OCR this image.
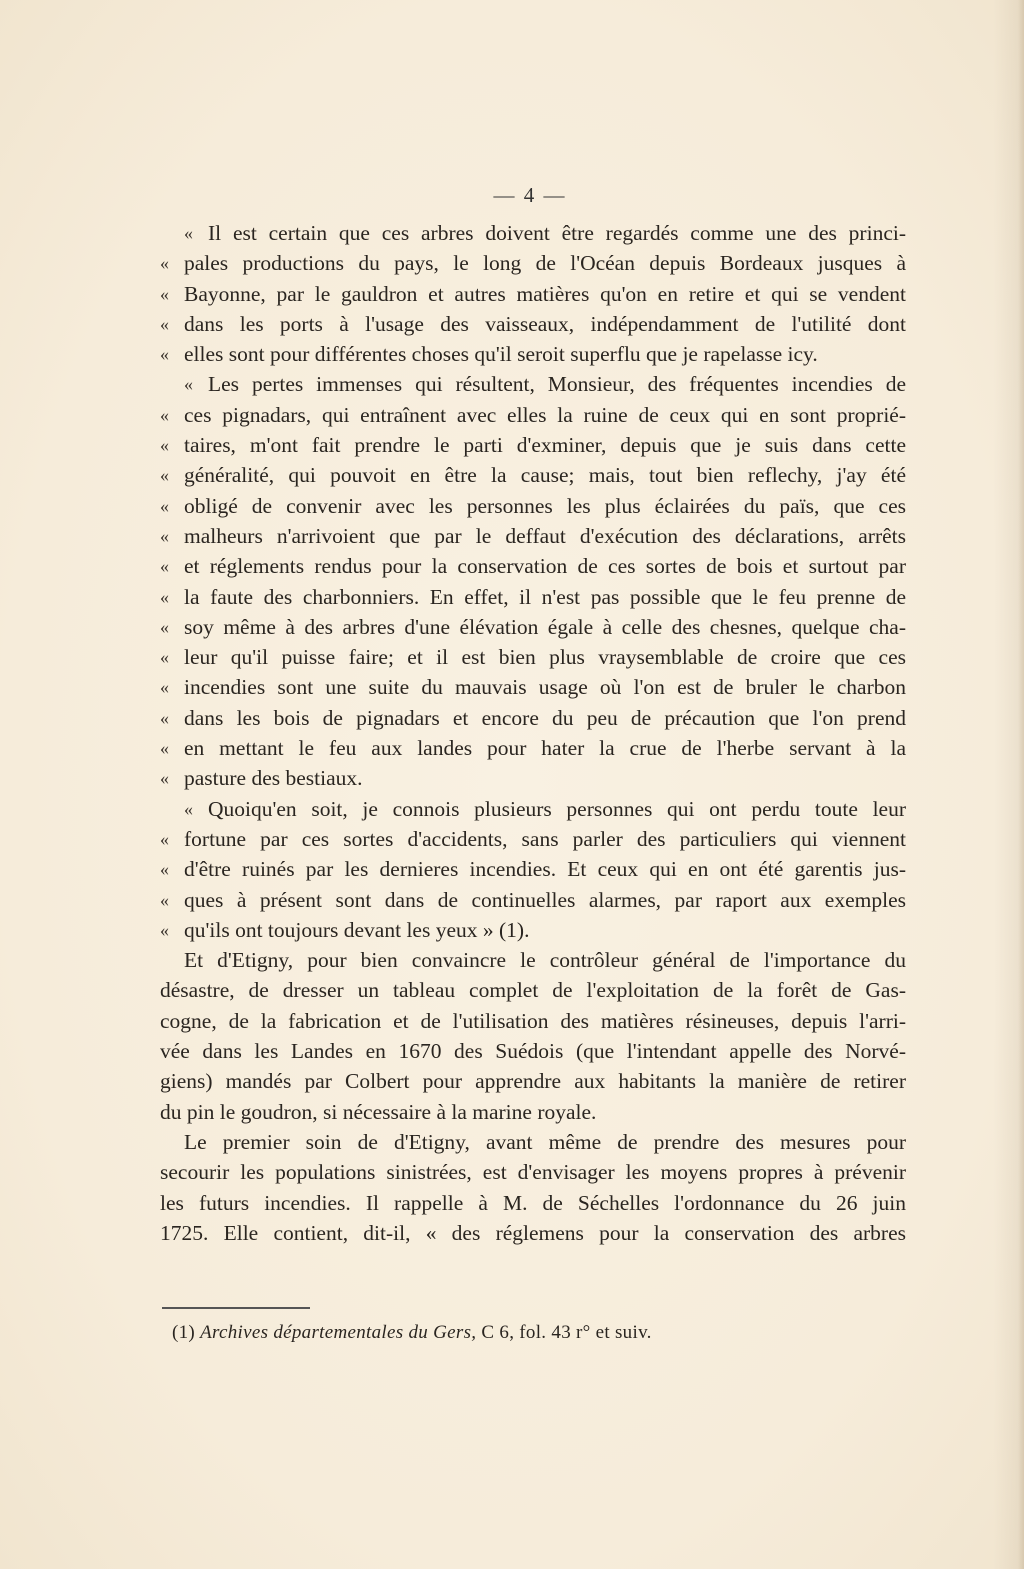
— 4 —
« Il est certain que ces arbres doivent être regardés comme une des princi-
« pales productions du pays, le long de l'Océan depuis Bordeaux jusques à
« Bayonne, par le gauldron et autres matières qu'on en retire et qui se vendent
« dans les ports à l'usage des vaisseaux, indépendamment de l'utilité dont
« elles sont pour différentes choses qu'il seroit superflu que je rapelasse icy.
« Les pertes immenses qui résultent, Monsieur, des fréquentes incendies de
« ces pignadars, qui entraînent avec elles la ruine de ceux qui en sont proprié-
« taires, m'ont fait prendre le parti d'exminer, depuis que je suis dans cette
« généralité, qui pouvoit en être la cause; mais, tout bien reflechy, j'ay été
« obligé de convenir avec les personnes les plus éclairées du païs, que ces
« malheurs n'arrivoient que par le deffaut d'exécution des déclarations, arrêts
« et réglements rendus pour la conservation de ces sortes de bois et surtout par
« la faute des charbonniers. En effet, il n'est pas possible que le feu prenne de
« soy même à des arbres d'une élévation égale à celle des chesnes, quelque cha-
« leur qu'il puisse faire; et il est bien plus vraysemblable de croire que ces
« incendies sont une suite du mauvais usage où l'on est de bruler le charbon
« dans les bois de pignadars et encore du peu de précaution que l'on prend
« en mettant le feu aux landes pour hater la crue de l'herbe servant à la
« pasture des bestiaux.
« Quoiqu'en soit, je connois plusieurs personnes qui ont perdu toute leur
« fortune par ces sortes d'accidents, sans parler des particuliers qui viennent
« d'être ruinés par les dernieres incendies. Et ceux qui en ont été garentis jus-
« ques à présent sont dans de continuelles alarmes, par raport aux exemples
« qu'ils ont toujours devant les yeux » (1).
Et d'Etigny, pour bien convaincre le contrôleur général de l'importance du
désastre, de dresser un tableau complet de l'exploitation de la forêt de Gas-
cogne, de la fabrication et de l'utilisation des matières résineuses, depuis l'arri-
vée dans les Landes en 1670 des Suédois (que l'intendant appelle des Norvé-
giens) mandés par Colbert pour apprendre aux habitants la manière de retirer
du pin le goudron, si nécessaire à la marine royale.
Le premier soin de d'Etigny, avant même de prendre des mesures pour
secourir les populations sinistrées, est d'envisager les moyens propres à prévenir
les futurs incendies. Il rappelle à M. de Séchelles l'ordonnance du 26 juin
1725. Elle contient, dit-il, « des réglemens pour la conservation des arbres
(1) Archives départementales du Gers, C 6, fol. 43 r° et suiv.
